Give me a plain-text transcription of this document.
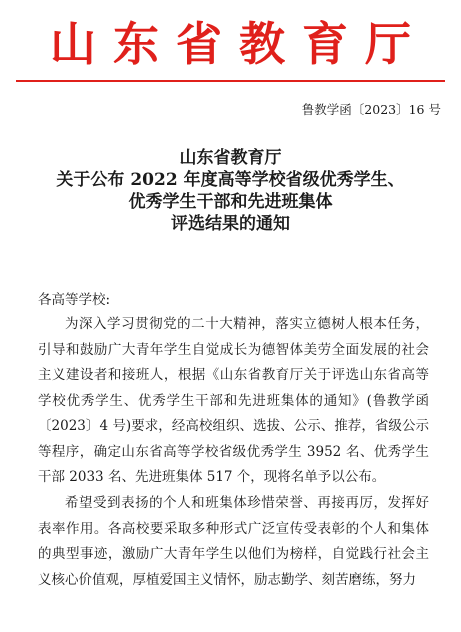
山东省教育厅
鲁教学函〔2023〕16 号
山东省教育厅
关于公布 2022 年度高等学校省级优秀学生、
优秀学生干部和先进班集体
评选结果的通知
各高等学校:

为深入学习贯彻党的二十大精神，落实立德树人根本任务，引导和鼓励广大青年学生自觉成长为德智体美劳全面发展的社会主义建设者和接班人，根据《山东省教育厅关于评选山东省高等学校优秀学生、优秀学生干部和先进班集体的通知》(鲁教学函〔2023〕4 号)要求，经高校组织、选拔、公示、推荐，省级公示等程序，确定山东省高等学校省级优秀学生 3952 名、优秀学生干部 2033 名、先进班集体 517 个，现将名单予以公布。

希望受到表扬的个人和班集体珍惜荣誉、再接再厉，发挥好表率作用。各高校要采取多种形式广泛宣传受表彰的个人和集体的典型事迹，激励广大青年学生以他们为榜样，自觉践行社会主义核心价值观，厚植爱国主义情怀，励志勤学、刻苦磨练，努力
